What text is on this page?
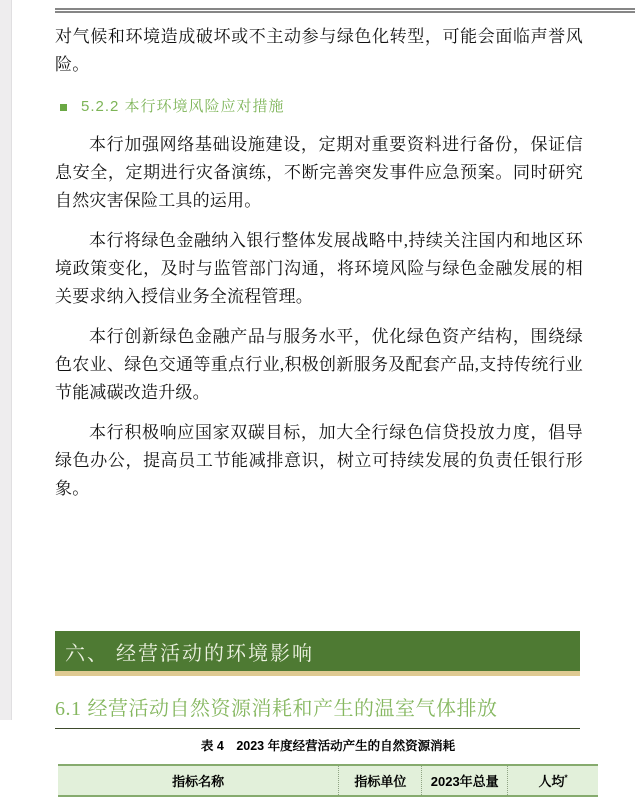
对气候和环境造成破坏或不主动参与绿色化转型，可能会面临声誉风险。

5.2.2 本行环境风险应对措施

本行加强网络基础设施建设，定期对重要资料进行备份，保证信息安全，定期进行灾备演练，不断完善突发事件应急预案。同时研究自然灾害保险工具的运用。

本行将绿色金融纳入银行整体发展战略中,持续关注国内和地区环境政策变化，及时与监管部门沟通，将环境风险与绿色金融发展的相关要求纳入授信业务全流程管理。

本行创新绿色金融产品与服务水平，优化绿色资产结构，围绕绿色农业、绿色交通等重点行业,积极创新服务及配套产品,支持传统行业节能减碳改造升级。

本行积极响应国家双碳目标，加大全行绿色信贷投放力度，倡导绿色办公，提高员工节能减排意识，树立可持续发展的负责任银行形象。

六、 经营活动的环境影响
6.1 经营活动自然资源消耗和产生的温室气体排放
表 4　2023 年度经营活动产生的自然资源消耗
指标名称	指标单位	2023年总量	人均*
